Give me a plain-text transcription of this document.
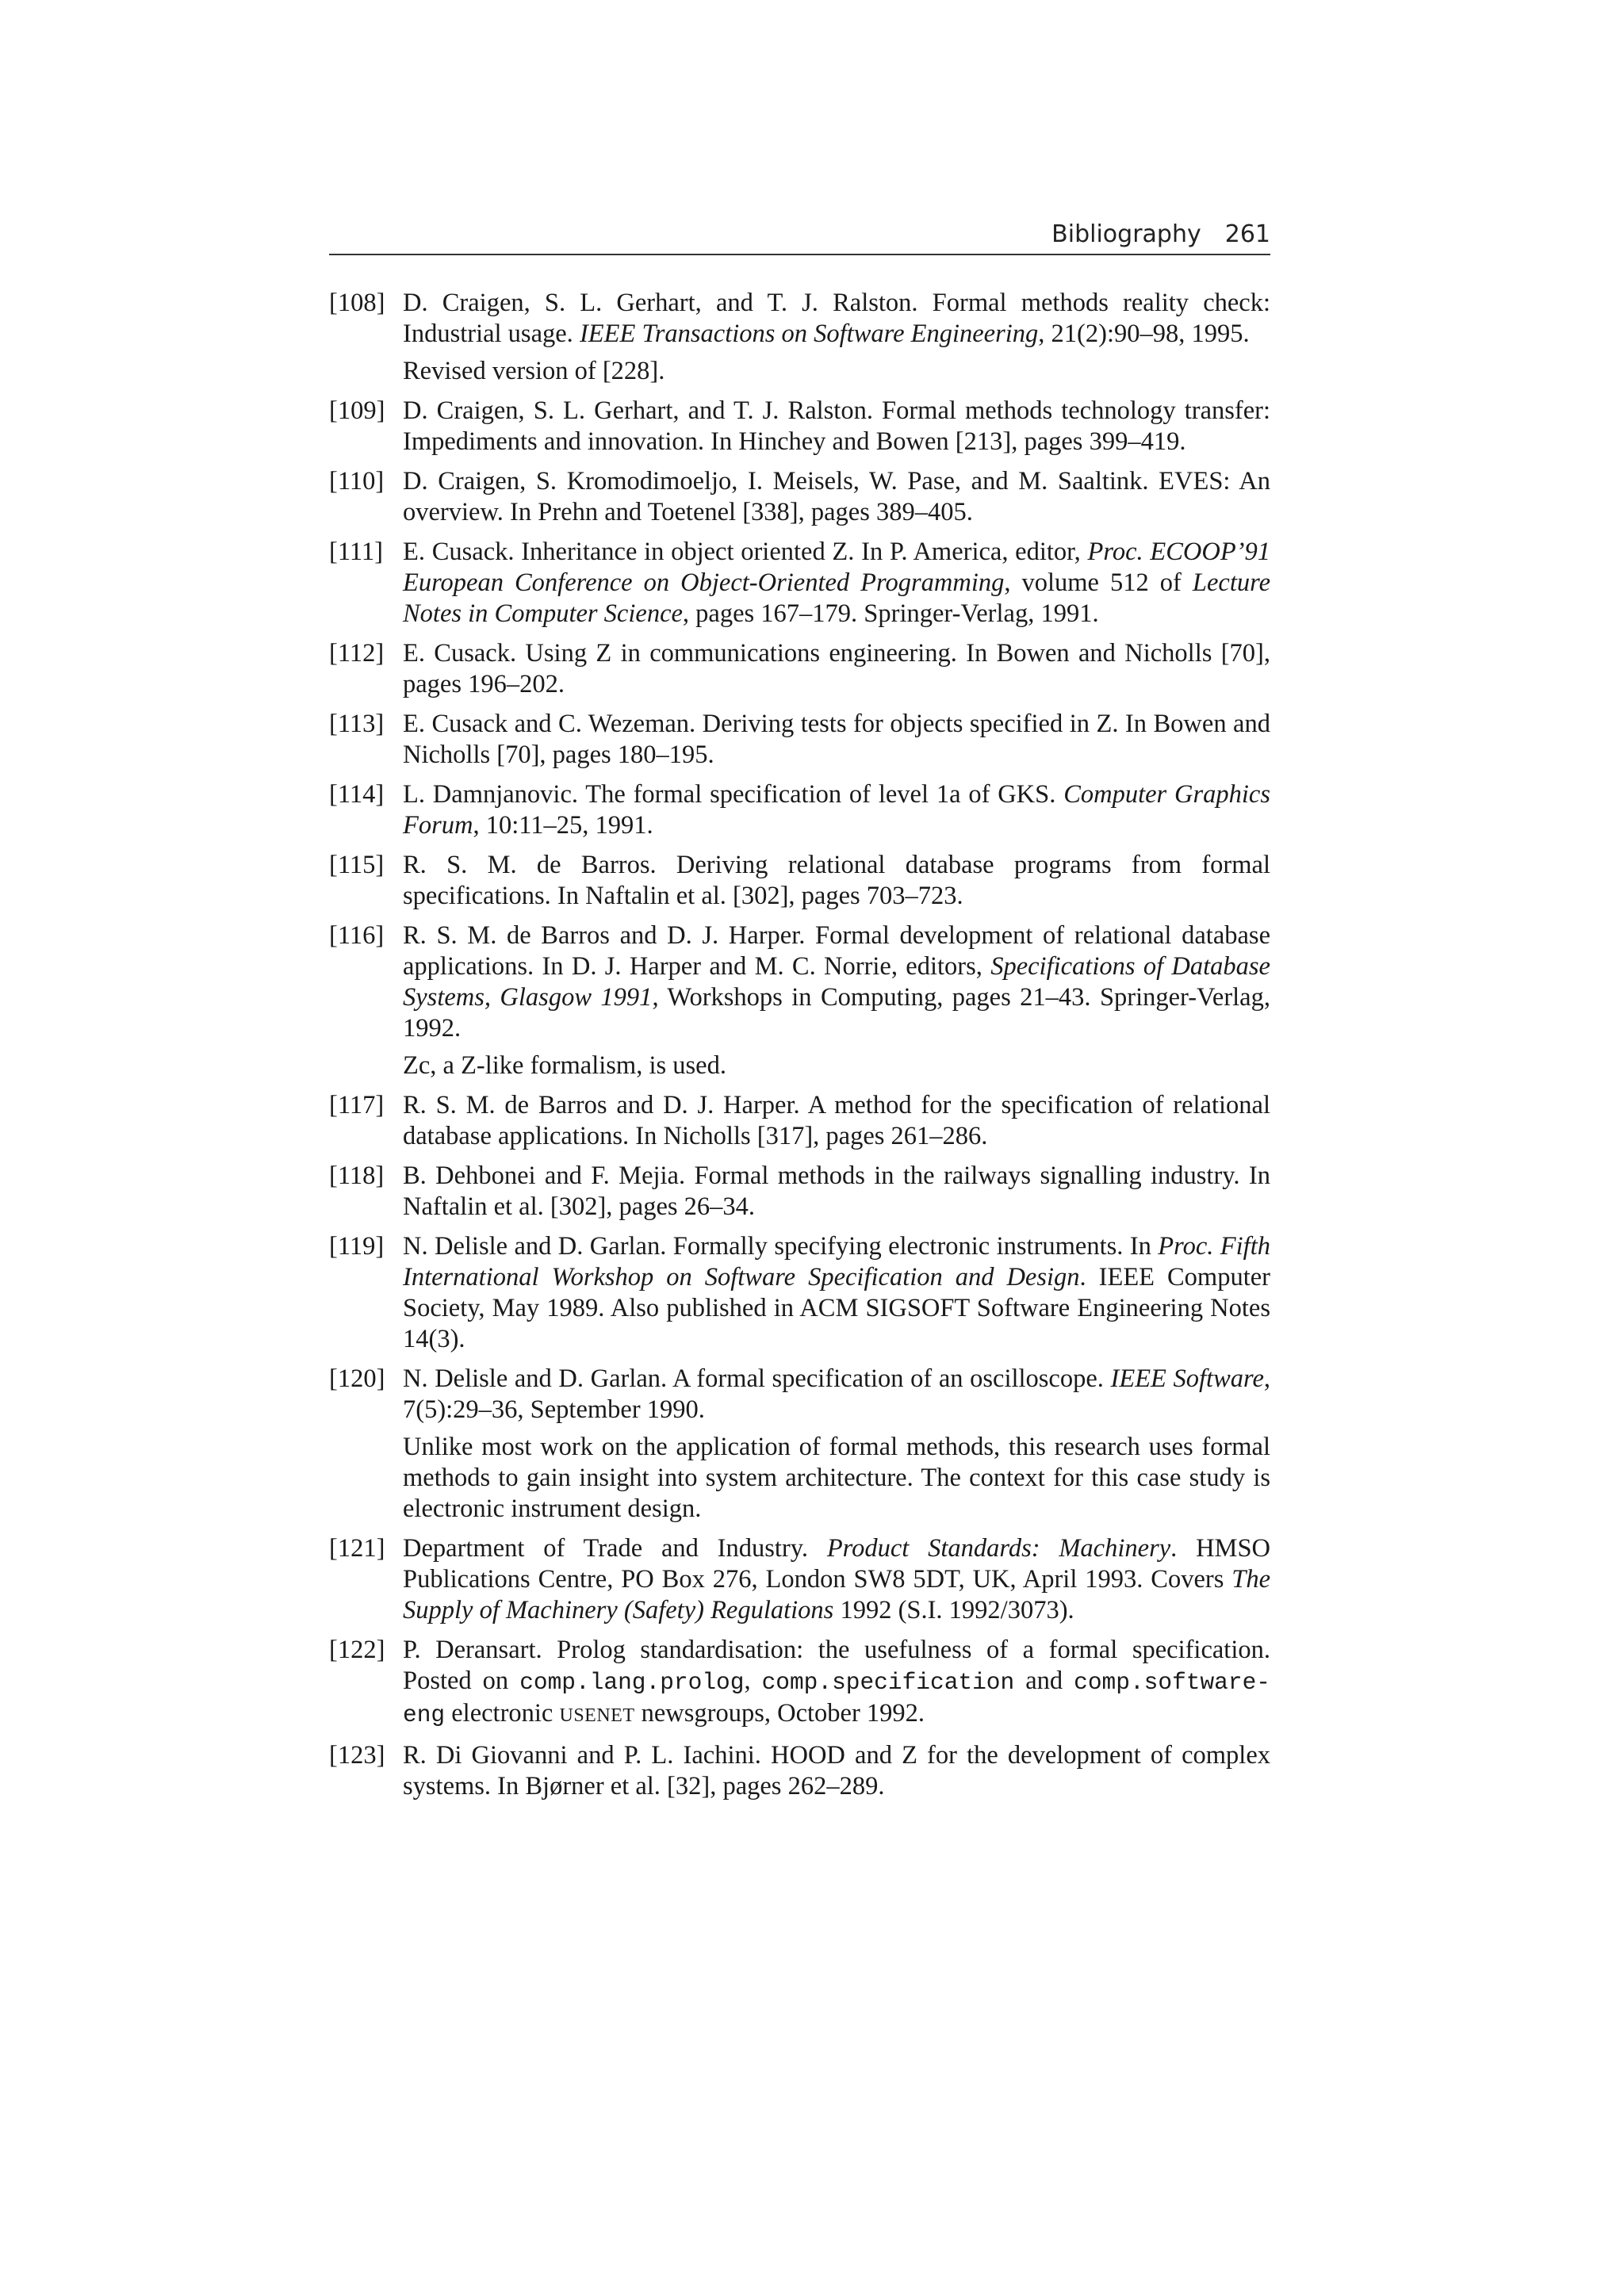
Bibliography 261
[108] D. Craigen, S. L. Gerhart, and T. J. Ralston. Formal methods reality check: Industrial usage. IEEE Transactions on Software Engineering, 21(2):90–98, 1995.

Revised version of [228].

[109] D. Craigen, S. L. Gerhart, and T. J. Ralston. Formal methods technology transfer: Impediments and innovation. In Hinchey and Bowen [213], pages 399–419.

[110] D. Craigen, S. Kromodimoeljo, I. Meisels, W. Pase, and M. Saaltink. EVES: An overview. In Prehn and Toetenel [338], pages 389–405.

[111] E. Cusack. Inheritance in object oriented Z. In P. America, editor, Proc. ECOOP’91 European Conference on Object-Oriented Programming, volume 512 of Lecture Notes in Computer Science, pages 167–179. Springer-Verlag, 1991.

[112] E. Cusack. Using Z in communications engineering. In Bowen and Nicholls [70], pages 196–202.

[113] E. Cusack and C. Wezeman. Deriving tests for objects specified in Z. In Bowen and Nicholls [70], pages 180–195.

[114] L. Damnjanovic. The formal specification of level 1a of GKS. Computer Graphics Forum, 10:11–25, 1991.

[115] R. S. M. de Barros. Deriving relational database programs from formal specifications. In Naftalin et al. [302], pages 703–723.

[116] R. S. M. de Barros and D. J. Harper. Formal development of relational database applications. In D. J. Harper and M. C. Norrie, editors, Specifications of Database Systems, Glasgow 1991, Workshops in Computing, pages 21–43. Springer-Verlag, 1992.

Zc, a Z-like formalism, is used.

[117] R. S. M. de Barros and D. J. Harper. A method for the specification of relational database applications. In Nicholls [317], pages 261–286.

[118] B. Dehbonei and F. Mejia. Formal methods in the railways signalling industry. In Naftalin et al. [302], pages 26–34.

[119] N. Delisle and D. Garlan. Formally specifying electronic instruments. In Proc. Fifth International Workshop on Software Specification and Design. IEEE Computer Society, May 1989. Also published in ACM SIGSOFT Software Engineering Notes 14(3).

[120] N. Delisle and D. Garlan. A formal specification of an oscilloscope. IEEE Software, 7(5):29–36, September 1990.

Unlike most work on the application of formal methods, this research uses formal methods to gain insight into system architecture. The context for this case study is electronic instrument design.

[121] Department of Trade and Industry. Product Standards: Machinery. HMSO Publications Centre, PO Box 276, London SW8 5DT, UK, April 1993. Covers The Supply of Machinery (Safety) Regulations 1992 (S.I. 1992/3073).

[122] P. Deransart. Prolog standardisation: the usefulness of a formal specification. Posted on comp.lang.prolog, comp.specification and comp.software-eng electronic USENET newsgroups, October 1992.

[123] R. Di Giovanni and P. L. Iachini. HOOD and Z for the development of complex systems. In Bjørner et al. [32], pages 262–289.
